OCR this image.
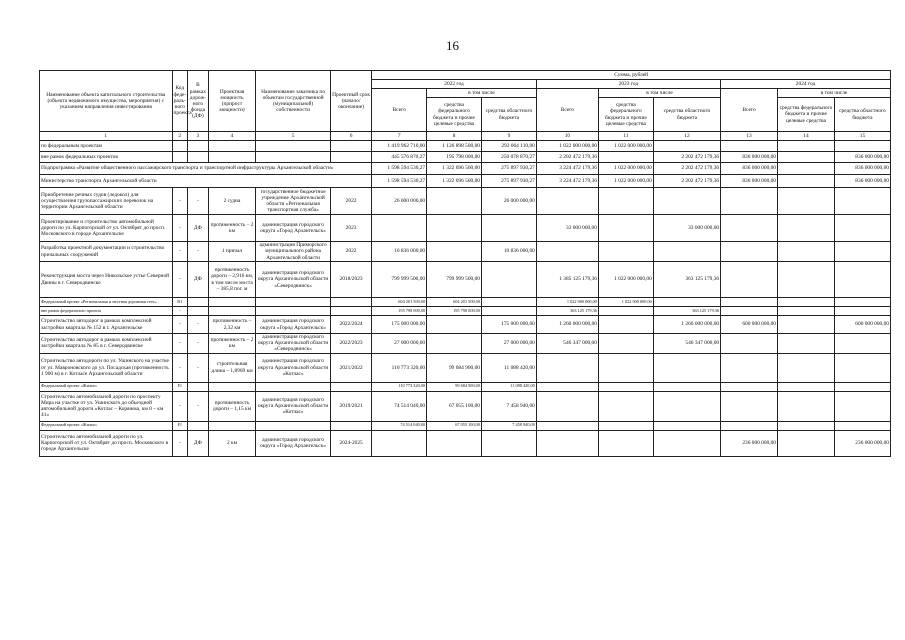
16
Наименование объекта капитального строительства (объекта недвижимого имущества, мероприятия) с указанием направления инвестирования	Код феде-раль-ного проекта	В рамках дорож-ного фонда (ДФ)	Проектная мощность (прирост мощности)	Наименование заказчика по объектам государственной (муниципальной) собственности	Проектный срок (начало/ окончание)	Сумма, рублей								
						2022 год			2023 год			2024 год		
						Всего	в том числе		Всего	в том числе		Всего	в том числе	
							средства федерального бюджета и прочие целевые средства	средства областного бюджета		средства федерального бюджета и прочие целевые средства	средства областного бюджета		средства федерального бюджета и прочие целевые средства	средства областного бюджета
1	2	3	4	5	6	7	8	9	10	11	12	13	14	15
по федеральным проектам						1 419 962 710,00	1 126 898 500,00	293 064 110,00	1 022 000 000,00	1 022 000 000,00				
вне рамок федеральных проектов						445 576 870,27	195 798 000,00	250 078 870,27	2 202 472 179,36		2 202 472 179,36	836 000 000,00		836 000 000,00
Подпрограмма «Развитие общественного пассажирского транспорта и транспортной инфраструктуры Архангельской области»						1 598 594 530,27	1 322 696 500,00	275 897 930,27	3 224 472 179,36	1 022 000 000,00	2 202 472 179,36	836 000 000,00		836 000 000,00
Министерство транспорта Архангельской области						1 598 594 530,27	1 322 696 500,00	275 897 930,27	3 224 472 179,36	1 022 000 000,00	2 202 472 179,36	836 000 000,00		836 000 000,00
Приобретение речных судов (ледокол) для осуществления грузопассажирских перевозок на территории Архангельской области	-	-	2 судна	государственное бюджетное учреждение Архангельской области «Региональная транспортная служба»	2022	26 000 000,00		26 000 000,00						
Проектирование и строительство автомобильной дороги по ул. Карпогорской от ул. Октябрят до просп. Московского в городе Архангельске	-	ДФ	протяженность – 2 км	администрация городского округа «Город Архангельск»	2023				33 000 000,00		33 000 000,00			
Разработка проектной документации и строительство причальных сооружений	-	-	1 причал	администрация Приморского муниципального района Архангельской области	2022	10 836 000,00		10 836 000,00						
Реконструкция моста через Никольское устье Северной Двины в г. Северодвинске	-	ДФ	протяженность дороги – 2,916 км, в том числе моста – 385,8 пог. м	администрация городского округа Архангельской области «Северодвинск»	2018/2023	799 999 500,00	799 999 500,00		1 385 125 179,36	1 022 000 000,00	363 125 179,36			
Федеральный проект «Региональная и местная дорожная сеть»	R1					604 201 500,00	604 201 500,00		1 022 000 000,00	1 022 000 000,00				
вне рамок федерального проекта	-					195 798 000,00	195 798 000,00		363 125 179,36		363 125 179,36			
Строительство автодорог в рамках комплексной застройки квартала № 152 в г. Архангельске	-	-	протяженность – 2,32 км	администрация городского округа «Город Архангельск»	2022/2024	175 000 000,00		175 000 000,00	1 260 000 000,00		1 260 000 000,00	600 000 000,00		600 000 000,00
Строительство автодорог в рамках комплексной застройки квартала № 85 в г. Северодвинске	-	-	протяженность – 2 км	администрация городского округа Архангельской области «Северодвинск»	2022/2023	27 000 000,00		27 000 000,00	546 347 000,00		546 347 000,00			
Строительство автодороги по ул. Ушинского на участке от ул. Мавроновского до ул. Посадская (протяженность 1 900 м) в г. Котласе Архангельской области	-	-	строительная длина – 1,8969 км	администрация городского округа Архангельской области «Котлас»	2021/2022	110 773 320,00	99 684 900,00	11 088 420,00						
Федеральный проект «Жилье»	F1					110 773 320,00	99 684 900,00	11 088 420,00						
Строительство автомобильной дороги по проспекту Мира на участке от ул. Ушинского до объездной автомобильной дороги «Котлас – Коряжма, км 0 – км 41»	-	-	протяженность дороги – 1,15 км	администрация городского округа Архангельской области «Котлас»	2019/2021	74 514 040,00	67 055 100,00	7 458 940,00						
Федеральный проект «Жилье»	F1					74 514 040,00	67 055 100,00	7 458 940,00						
Строительство автомобильной дороги по ул. Карпогорской от ул. Октябрят до просп. Московского в городе Архангельске	-	ДФ	2 км	администрация городского округа «Город Архангельск»	2024-2025							236 000 000,00		236 000 000,00
